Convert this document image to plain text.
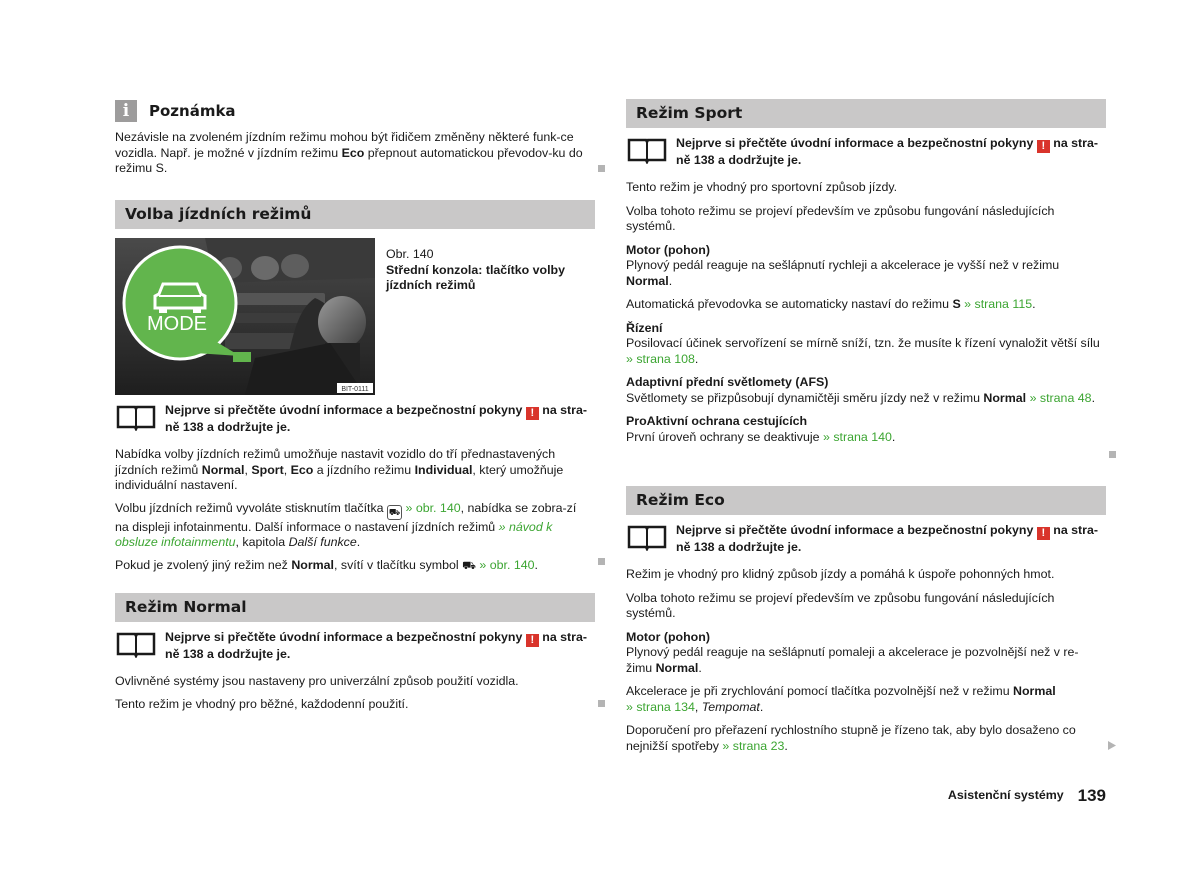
i	Poznámka

Nezávisle na zvoleném jízdním režimu mohou být řidičem změněny některé funk-ce vozidla. Např. je možné v jízdním režimu Eco přepnout automatickou převodov-ku do režimu S.

Volba jízdních režimů
MODE
BIT-0111
Obr. 140
Střední konzola: tlačítko volby jízdních režimů
Nejprve si přečtěte úvodní informace a bezpečnostní pokyny ! na stra-ně 138 a dodržujte je.

Nabídka volby jízdních režimů umožňuje nastavit vozidlo do tří přednastavených jízdních režimů Normal, Sport, Eco a jízdního režimu Individual, který umožňuje individuální nastavení.

Volbu jízdních režimů vyvoláte stisknutím tlačítka ⛟ » obr. 140, nabídka se zobra-zí na displeji infotainmentu. Další informace o nastavení jízdních režimů » návod k obsluze infotainmentu, kapitola Další funkce.

Pokud je zvolený jiný režim než Normal, svítí v tlačítku symbol ⛟ » obr. 140.

Režim Normal
Nejprve si přečtěte úvodní informace a bezpečnostní pokyny ! na stra-ně 138 a dodržujte je.

Ovlivněné systémy jsou nastaveny pro univerzální způsob použití vozidla.

Tento režim je vhodný pro běžné, každodenní použití.

Režim Sport
Nejprve si přečtěte úvodní informace a bezpečnostní pokyny ! na stra-ně 138 a dodržujte je.

Tento režim je vhodný pro sportovní způsob jízdy.

Volba tohoto režimu se projeví především ve způsobu fungování následujících systémů.

Motor (pohon)

Plynový pedál reaguje na sešlápnutí rychleji a akcelerace je vyšší než v režimu Normal.

Automatická převodovka se automaticky nastaví do režimu S » strana 115.

Řízení

Posilovací účinek servořízení se mírně sníží, tzn. že musíte k řízení vynaložit větší sílu » strana 108.

Adaptivní přední světlomety (AFS)

Světlomety se přizpůsobují dynamičtěji směru jízdy než v režimu Normal » strana 48.

ProAktivní ochrana cestujících

První úroveň ochrany se deaktivuje » strana 140.

Režim Eco
Nejprve si přečtěte úvodní informace a bezpečnostní pokyny ! na stra-ně 138 a dodržujte je.

Režim je vhodný pro klidný způsob jízdy a pomáhá k úspoře pohonných hmot.

Volba tohoto režimu se projeví především ve způsobu fungování následujících systémů.

Motor (pohon)

Plynový pedál reaguje na sešlápnutí pomaleji a akcelerace je pozvolnější než v re-žimu Normal.

Akcelerace je při zrychlování pomocí tlačítka pozvolnější než v režimu Normal
» strana 134, Tempomat.

Doporučení pro přeřazení rychlostního stupně je řízeno tak, aby bylo dosaženo co nejnižší spotřeby » strana 23.

Asistenční systémy 139
